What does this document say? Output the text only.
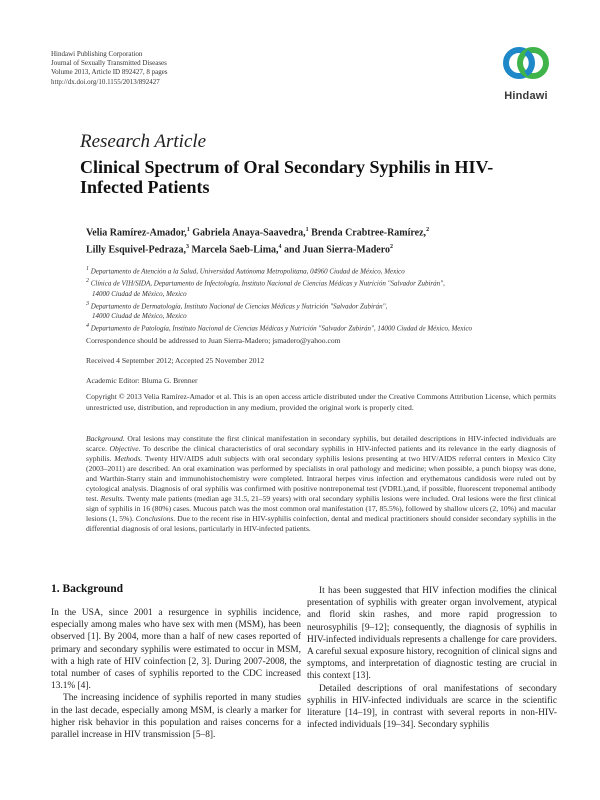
Hindawi Publishing Corporation
Journal of Sexually Transmitted Diseases
Volume 2013, Article ID 892427, 8 pages
http://dx.doi.org/10.1155/2013/892427
Hindawi
Research Article
Clinical Spectrum of Oral Secondary Syphilis in HIV-Infected Patients
Velia Ramírez-Amador,$^1$ Gabriela Anaya-Saavedra,$^1$ Brenda Crabtree-Ramírez,$^2$
Lilly Esquivel-Pedraza,$^3$ Marcela Saeb-Lima,$^4$ and Juan Sierra-Madero$^2$
$^1$ Departamento de Atención a la Salud, Universidad Autónoma Metropolitana, 04960 Ciudad de México, Mexico
$^2$ Clínica de VIH/SIDA, Departamento de Infectología, Instituto Nacional de Ciencias Médicas y Nutrición "Salvador Zubirán",
14000 Ciudad de México, Mexico
$^3$ Departamento de Dermatología, Instituto Nacional de Ciencias Médicas y Nutrición "Salvador Zubirán",
14000 Ciudad de México, Mexico
$^4$ Departamento de Patología, Instituto Nacional de Ciencias Médicas y Nutrición "Salvador Zubirán", 14000 Ciudad de México, Mexico
Correspondence should be addressed to Juan Sierra-Madero; jsmadero@yahoo.com
Received 4 September 2012; Accepted 25 November 2012
Academic Editor: Bluma G. Brenner
Copyright © 2013 Velia Ramírez-Amador et al. This is an open access article distributed under the Creative Commons Attribution License, which permits unrestricted use, distribution, and reproduction in any medium, provided the original work is properly cited.
Background. Oral lesions may constitute the first clinical manifestation in secondary syphilis, but detailed descriptions in HIV-infected individuals are scarce. Objective. To describe the clinical characteristics of oral secondary syphilis in HIV-infected patients and its relevance in the early diagnosis of syphilis. Methods. Twenty HIV/AIDS adult subjects with oral secondary syphilis lesions presenting at two HIV/AIDS referral centers in Mexico City (2003–2011) are described. An oral examination was performed by specialists in oral pathology and medicine; when possible, a punch biopsy was done, and Warthin-Starry stain and immunohistochemistry were completed. Intraoral herpes virus infection and erythematous candidosis were ruled out by cytological analysis. Diagnosis of oral syphilis was confirmed with positive nontreponemal test (VDRL),and, if possible, fluorescent treponemal antibody test. Results. Twenty male patients (median age 31.5, 21–59 years) with oral secondary syphilis lesions were included. Oral lesions were the first clinical sign of syphilis in 16 (80%) cases. Mucous patch was the most common oral manifestation (17, 85.5%), followed by shallow ulcers (2, 10%) and macular lesions (1, 5%). Conclusions. Due to the recent rise in HIV-syphilis coinfection, dental and medical practitioners should consider secondary syphilis in the differential diagnosis of oral lesions, particularly in HIV-infected patients.
1. Background

In the USA, since 2001 a resurgence in syphilis incidence, especially among males who have sex with men (MSM), has been observed [1]. By 2004, more than a half of new cases reported of primary and secondary syphilis were estimated to occur in MSM, with a high rate of HIV coinfection [2, 3]. During 2007-2008, the total number of cases of syphilis reported to the CDC increased 13.1% [4].

The increasing incidence of syphilis reported in many studies in the last decade, especially among MSM, is clearly a marker for higher risk behavior in this population and raises concerns for a parallel increase in HIV transmission [5–8].

It has been suggested that HIV infection modifies the clinical presentation of syphilis with greater organ involvement, atypical and florid skin rashes, and more rapid progression to neurosyphilis [9–12]; consequently, the diagnosis of syphilis in HIV-infected individuals represents a challenge for care providers. A careful sexual exposure history, recognition of clinical signs and symptoms, and interpretation of diagnostic testing are crucial in this context [13].

Detailed descriptions of oral manifestations of secondary syphilis in HIV-infected individuals are scarce in the scientific literature [14–19], in contrast with several reports in non-HIV-infected individuals [19–34]. Secondary syphilis
